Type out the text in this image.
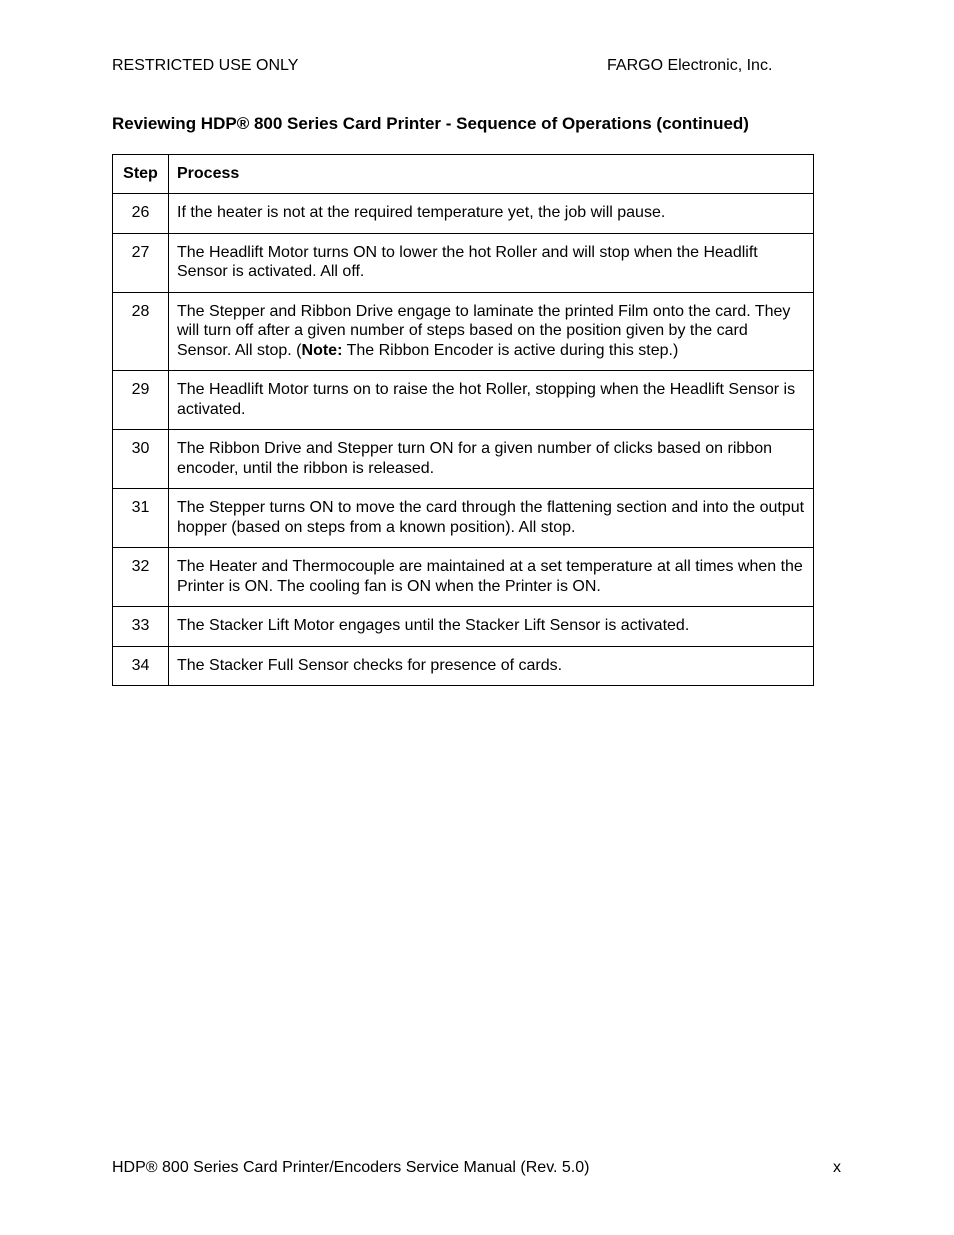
RESTRICTED USE ONLY	FARGO Electronic, Inc.
Reviewing HDP® 800 Series Card Printer - Sequence of Operations (continued)
Step	Process
26	If the heater is not at the required temperature yet, the job will pause.
27	The Headlift Motor turns ON to lower the hot Roller and will stop when the Headlift Sensor is activated. All off.
28	The Stepper and Ribbon Drive engage to laminate the printed Film onto the card. They will turn off after a given number of steps based on the position given by the card Sensor. All stop. (Note: The Ribbon Encoder is active during this step.)
29	The Headlift Motor turns on to raise the hot Roller, stopping when the Headlift Sensor is activated.
30	The Ribbon Drive and Stepper turn ON for a given number of clicks based on ribbon encoder, until the ribbon is released.
31	The Stepper turns ON to move the card through the flattening section and into the output hopper (based on steps from a known position). All stop.
32	The Heater and Thermocouple are maintained at a set temperature at all times when the Printer is ON. The cooling fan is ON when the Printer is ON.
33	The Stacker Lift Motor engages until the Stacker Lift Sensor is activated.
34	The Stacker Full Sensor checks for presence of cards.
HDP® 800 Series Card Printer/Encoders Service Manual (Rev. 5.0)	x
